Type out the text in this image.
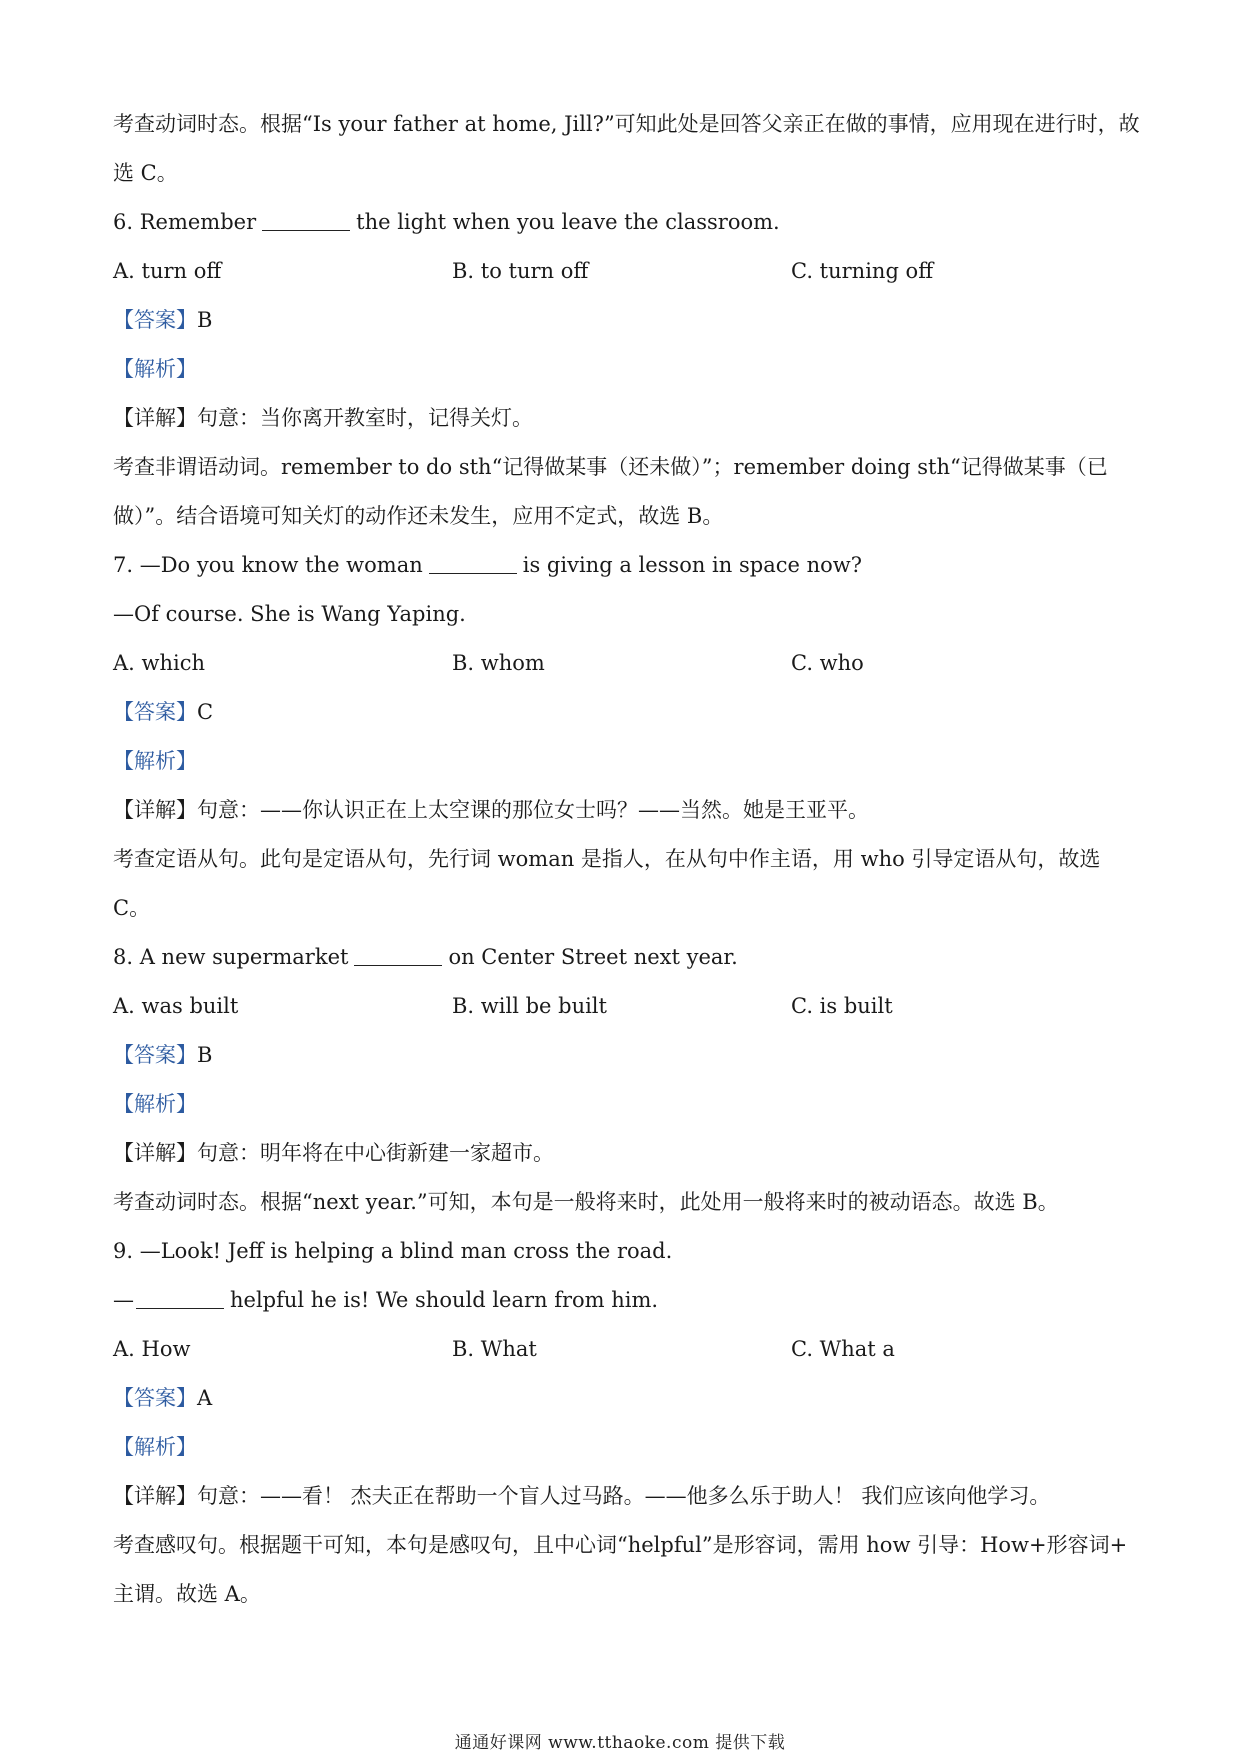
考查动词时态。根据“Is your father at home, Jill?”可知此处是回答父亲正在做的事情，应用现在进行时，故
选 C。
6. Remember	the light when you leave the classroom.
A. turn off	B. to turn off	C. turning off
【答案】B
【解析】
【详解】句意：当你离开教室时，记得关灯。
考查非谓语动词。remember to do sth“记得做某事（还未做）”；remember doing sth“记得做某事（已
做）”。结合语境可知关灯的动作还未发生，应用不定式，故选 B。
7. —Do you know the woman	is giving a lesson in space now?
—Of course. She is Wang Yaping.
A. which	B. whom	C. who
【答案】C
【解析】
【详解】句意：——你认识正在上太空课的那位女士吗？——当然。她是王亚平。
考查定语从句。此句是定语从句，先行词 woman 是指人，在从句中作主语，用 who 引导定语从句，故选
C。
8. A new supermarket	on Center Street next year.
A. was built	B. will be built	C. is built
【答案】B
【解析】
【详解】句意：明年将在中心街新建一家超市。
考查动词时态。根据“next year.”可知，本句是一般将来时，此处用一般将来时的被动语态。故选 B。
9. —Look! Jeff is helping a blind man cross the road.
—	helpful he is! We should learn from him.
A. How	B. What	C. What a
【答案】A
【解析】
【详解】句意：——看！ 杰夫正在帮助一个盲人过马路。——他多么乐于助人！ 我们应该向他学习。
考查感叹句。根据题干可知，本句是感叹句，且中心词“helpful”是形容词，需用 how 引导：How+形容词+
主谓。故选 A。
通通好课网 www.tthaoke.com 提供下载
